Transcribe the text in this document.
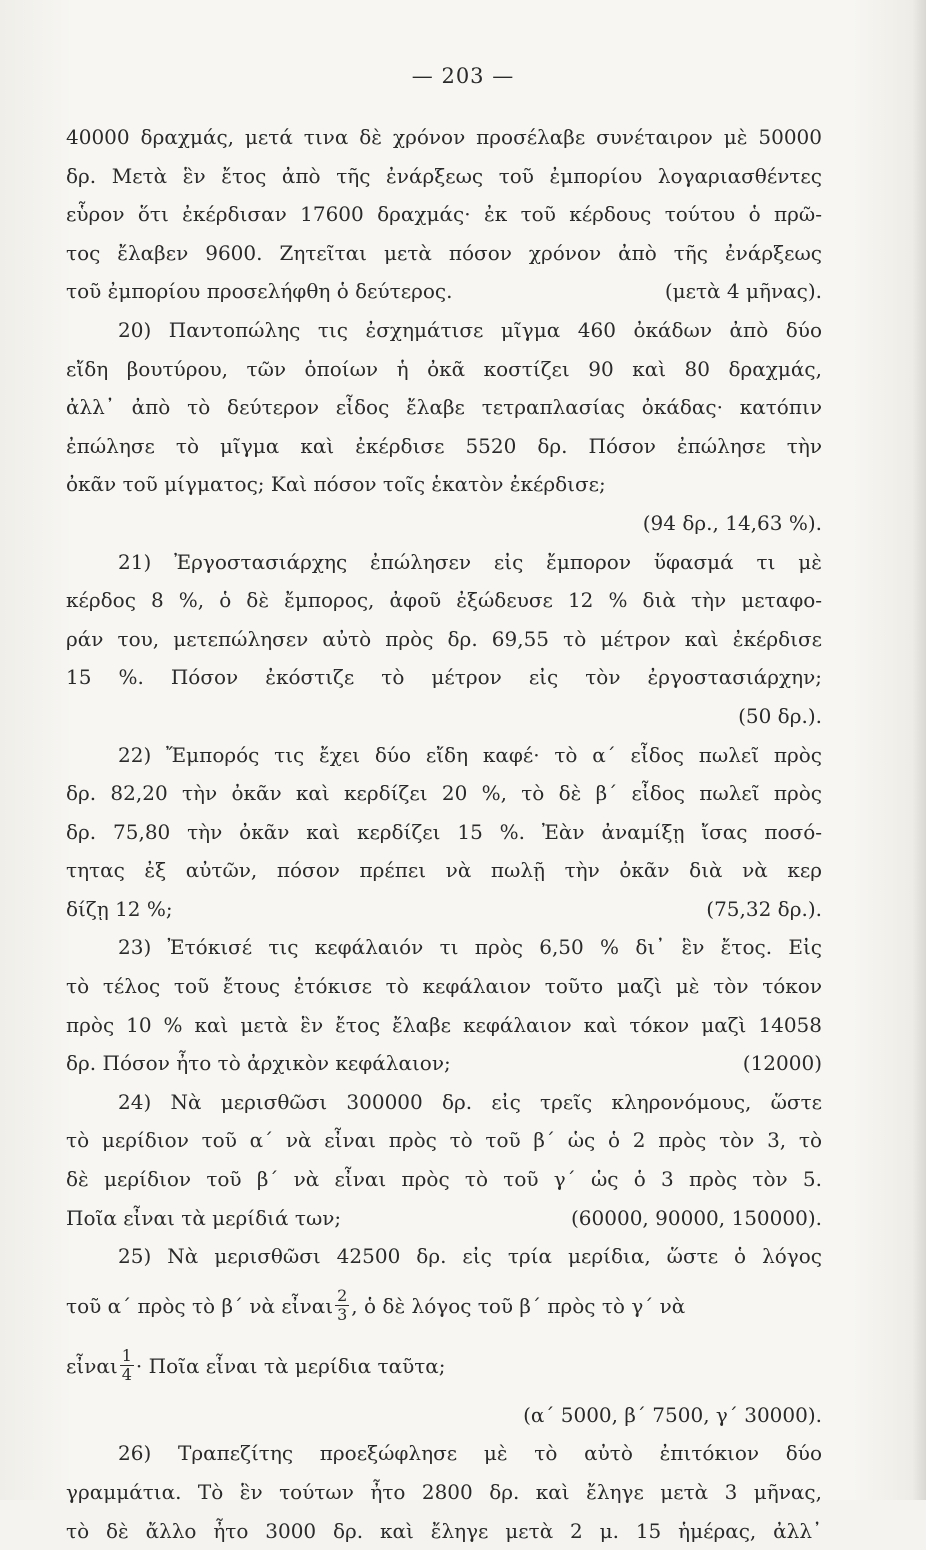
— 203 —
40000 δραχμάς, μετά τινα δὲ χρόνον προσέλαβε συνέταιρον μὲ 50000
δρ. Μετὰ ἓν ἔτος ἀπὸ τῆς ἐνάρξεως τοῦ ἐμπορίου λογαριασθέντες
εὗρον ὅτι ἐκέρδισαν 17600 δραχμάς· ἐκ τοῦ κέρδους τούτου ὁ πρῶ-
τος ἔλαβεν 9600. Ζητεῖται μετὰ πόσον χρόνον ἀπὸ τῆς ἐνάρξεως
τοῦ ἐμπορίου προσελήφθη ὁ δεύτερος.	(μετὰ 4 μῆνας).
20) Παντοπώλης τις ἐσχημάτισε μῖγμα 460 ὀκάδων ἀπὸ δύο
εἴδη βουτύρου, τῶν ὁποίων ἡ ὀκᾶ κοστίζει 90 καὶ 80 δραχμάς,
ἀλλ᾽ ἀπὸ τὸ δεύτερον εἶδος ἔλαβε τετραπλασίας ὀκάδας· κατόπιν
ἐπώλησε τὸ μῖγμα καὶ ἐκέρδισε 5520 δρ. Πόσον ἐπώλησε τὴν
ὀκᾶν τοῦ μίγματος; Καὶ πόσον τοῖς ἑκατὸν ἐκέρδισε;
(94 δρ., 14,63 %).
21) Ἐργοστασιάρχης ἐπώλησεν εἰς ἔμπορον ὕφασμά τι μὲ
κέρδος 8 %, ὁ δὲ ἔμπορος, ἀφοῦ ἐξώδευσε 12 % διὰ τὴν μεταφο-
ράν του, μετεπώλησεν αὐτὸ πρὸς δρ. 69,55 τὸ μέτρον καὶ ἐκέρδισε
15 %. Πόσον ἐκόστιζε τὸ μέτρον εἰς τὸν ἐργοστασιάρχην;
(50 δρ.).
22) Ἔμπορός τις ἔχει δύο εἴδη καφέ· τὸ α΄ εἶδος πωλεῖ πρὸς
δρ. 82,20 τὴν ὀκᾶν καὶ κερδίζει 20 %, τὸ δὲ β΄ εἶδος πωλεῖ πρὸς
δρ. 75,80 τὴν ὀκᾶν καὶ κερδίζει 15 %. Ἐὰν ἀναμίξῃ ἴσας ποσό-
τητας ἐξ αὐτῶν, πόσον πρέπει νὰ πωλῇ τὴν ὀκᾶν διὰ νὰ κερ
δίζῃ 12 %;	(75,32 δρ.).
23) Ἐτόκισέ τις κεφάλαιόν τι πρὸς 6,50 % δι᾽ ἓν ἔτος. Εἰς
τὸ τέλος τοῦ ἔτους ἐτόκισε τὸ κεφάλαιον τοῦτο μαζὶ μὲ τὸν τόκον
πρὸς 10 % καὶ μετὰ ἓν ἔτος ἔλαβε κεφάλαιον καὶ τόκον μαζὶ 14058
δρ. Πόσον ἦτο τὸ ἀρχικὸν κεφάλαιον;	(12000)
24) Νὰ μερισθῶσι 300000 δρ. εἰς τρεῖς κληρονόμους, ὥστε
τὸ μερίδιον τοῦ α΄ νὰ εἶναι πρὸς τὸ τοῦ β΄ ὡς ὁ 2 πρὸς τὸν 3, τὸ
δὲ μερίδιον τοῦ β΄ νὰ εἶναι πρὸς τὸ τοῦ γ΄ ὡς ὁ 3 πρὸς τὸν 5.
Ποῖα εἶναι τὰ μερίδιά των;	(60000, 90000, 150000).
25) Νὰ μερισθῶσι 42500 δρ. εἰς τρία μερίδια, ὥστε ὁ λόγος
τοῦ α΄ πρὸς τὸ β΄ νὰ εἶναι $\frac{2}{3}$ , ὁ δὲ λόγος τοῦ β΄ πρὸς τὸ γ΄ νὰ
εἶναι $\frac{1}{4}$ · Ποῖα εἶναι τὰ μερίδια ταῦτα;
(α΄ 5000, β΄ 7500, γ΄ 30000).
26) Τραπεζίτης προεξώφλησε μὲ τὸ αὐτὸ ἐπιτόκιον δύο
γραμμάτια. Τὸ ἓν τούτων ἦτο 2800 δρ. καὶ ἔληγε μετὰ 3 μῆνας,
τὸ δὲ ἄλλο ἦτο 3000 δρ. καὶ ἔληγε μετὰ 2 μ. 15 ἡμέρας, ἀλλ᾽
